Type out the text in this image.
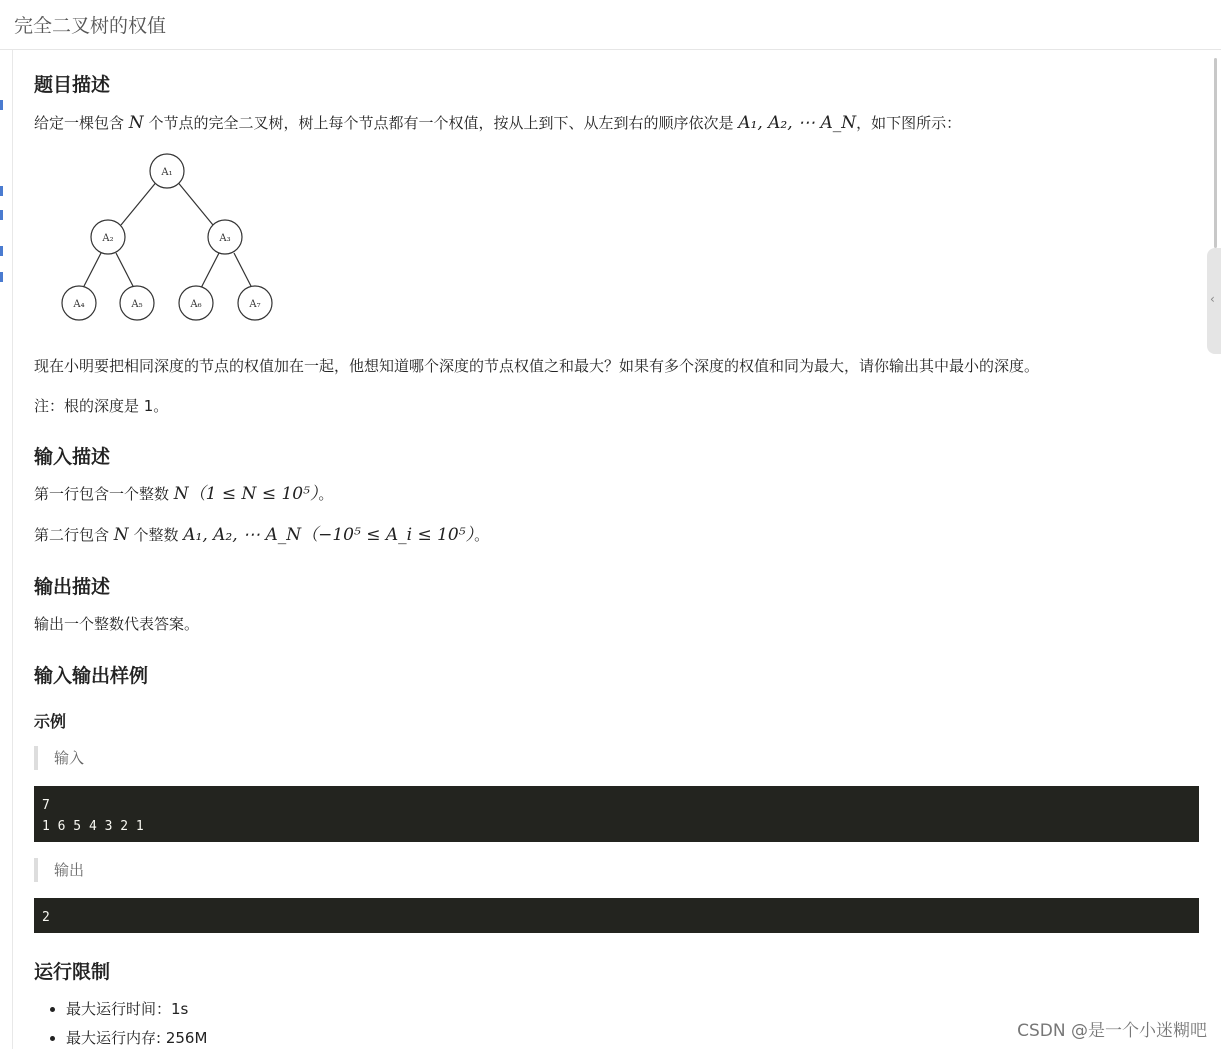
完全二叉树的权值
‹
题目描述
给定一棵包含 N 个节点的完全二叉树，树上每个节点都有一个权值，按从上到下、从左到右的顺序依次是 A₁, A₂, ⋯ A_N，如下图所示：
A₁
A₂	A₃
A₄	A₅	A₆	A₇
现在小明要把相同深度的节点的权值加在一起，他想知道哪个深度的节点权值之和最大？如果有多个深度的权值和同为最大，请你输出其中最小的深度。
注：根的深度是 1。
输入描述
第一行包含一个整数 N（1 ≤ N ≤ 10⁵）。
第二行包含 N 个整数 A₁, A₂, ⋯ A_N（−10⁵ ≤ A_i ≤ 10⁵）。
输出描述
输出一个整数代表答案。
输入输出样例
示例
输入
7
1 6 5 4 3 2 1
输出
2
运行限制
• 最大运行时间：1s
• 最大运行内存: 256M	CSDN @是一个小迷糊吧
